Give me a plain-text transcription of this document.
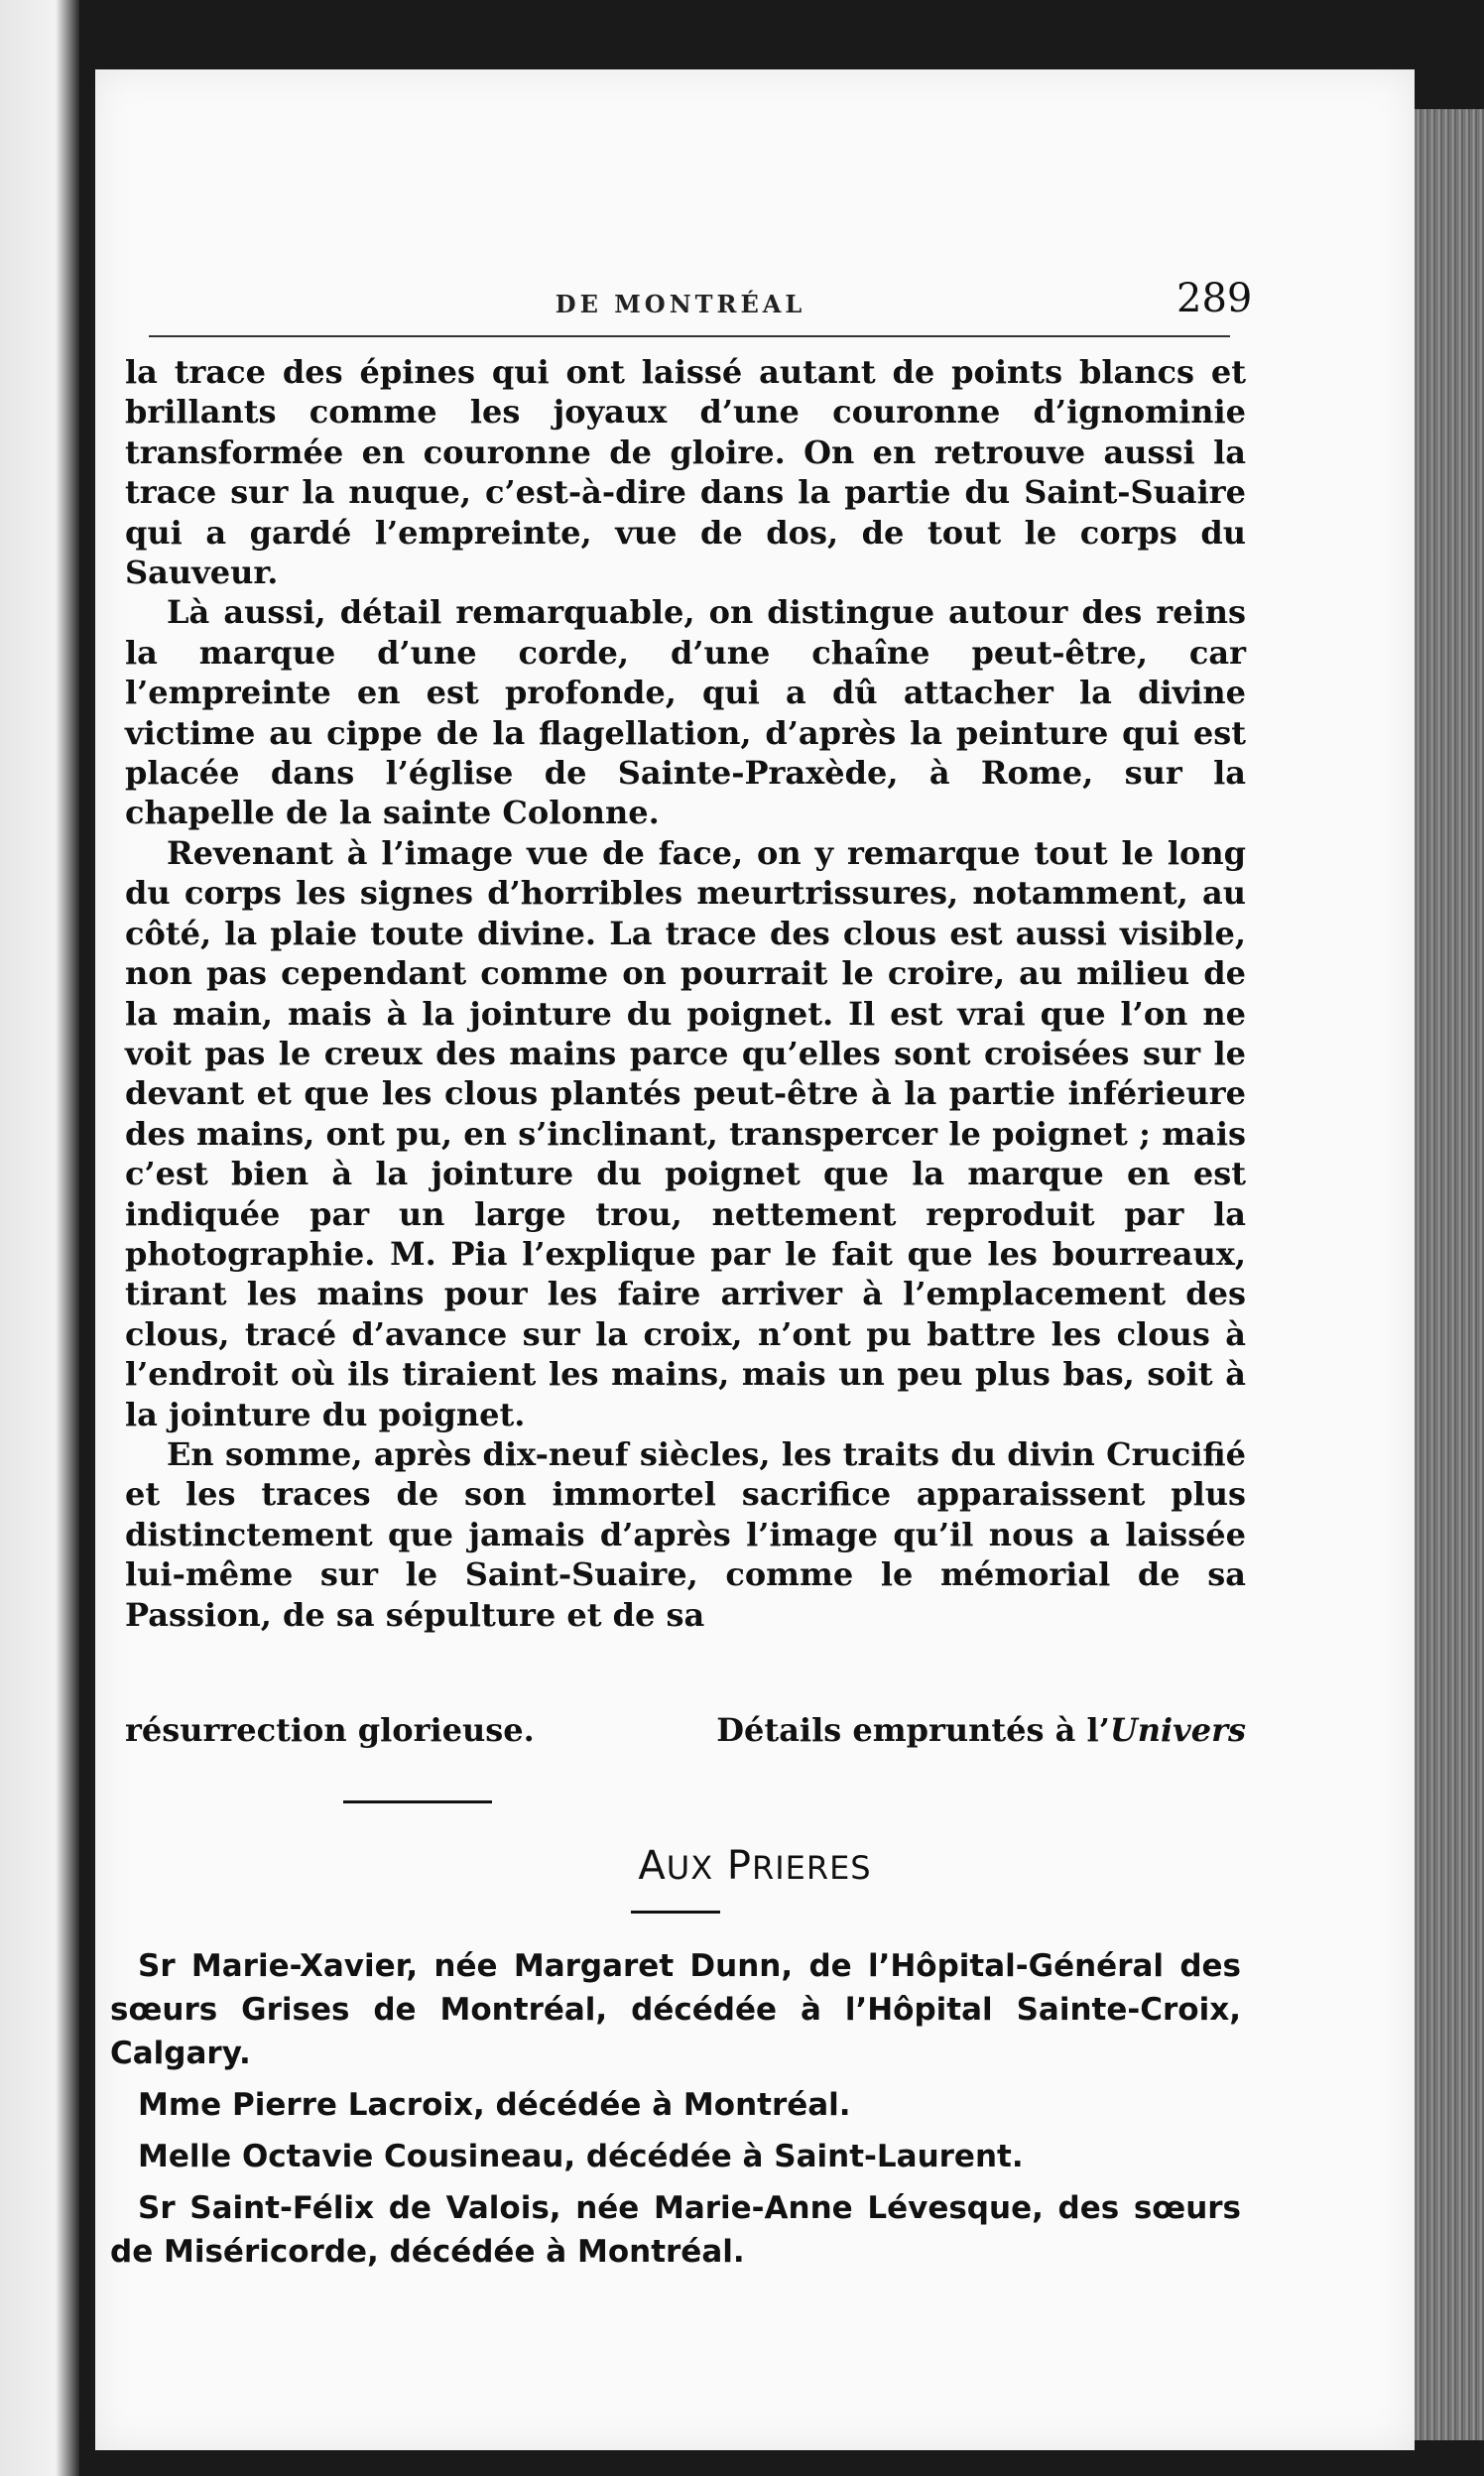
DE MONTRÉAL	289

la trace des épines qui ont laissé autant de points blancs et brillants comme les joyaux d’une couronne d’ignominie transformée en couronne de gloire. On en retrouve aussi la trace sur la nuque, c’est-à-dire dans la partie du Saint-Suaire qui a gardé l’empreinte, vue de dos, de tout le corps du Sauveur.

Là aussi, détail remarquable, on distingue autour des reins la marque d’une corde, d’une chaîne peut-être, car l’empreinte en est profonde, qui a dû attacher la divine victime au cippe de la flagellation, d’après la peinture qui est placée dans l’église de Sainte-Praxède, à Rome, sur la chapelle de la sainte Colonne.

Revenant à l’image vue de face, on y remarque tout le long du corps les signes d’horribles meurtrissures, notamment, au côté, la plaie toute divine. La trace des clous est aussi visible, non pas cependant comme on pourrait le croire, au milieu de la main, mais à la jointure du poignet. Il est vrai que l’on ne voit pas le creux des mains parce qu’elles sont croisées sur le devant et que les clous plantés peut-être à la partie inférieure des mains, ont pu, en s’inclinant, transpercer le poignet ; mais c’est bien à la jointure du poignet que la marque en est indiquée par un large trou, nettement reproduit par la photographie. M. Pia l’explique par le fait que les bourreaux, tirant les mains pour les faire arriver à l’emplacement des clous, tracé d’avance sur la croix, n’ont pu battre les clous à l’endroit où ils tiraient les mains, mais un peu plus bas, soit à la jointure du poignet.

En somme, après dix-neuf siècles, les traits du divin Crucifié et les traces de son immortel sacrifice apparaissent plus distinctement que jamais d’après l’image qu’il nous a laissée lui-même sur le Saint-Suaire, comme le mémorial de sa Passion, de sa sépulture et de sa

résurrection glorieuse.	Détails empruntés à l’Univers
AUX PRIERES

Sr Marie-Xavier, née Margaret Dunn, de l’Hôpital-Général des sœurs Grises de Montréal, décédée à l’Hôpital Sainte-Croix, Calgary.

Mme Pierre Lacroix, décédée à Montréal.

Melle Octavie Cousineau, décédée à Saint-Laurent.

Sr Saint-Félix de Valois, née Marie-Anne Lévesque, des sœurs de Miséricorde, décédée à Montréal.
